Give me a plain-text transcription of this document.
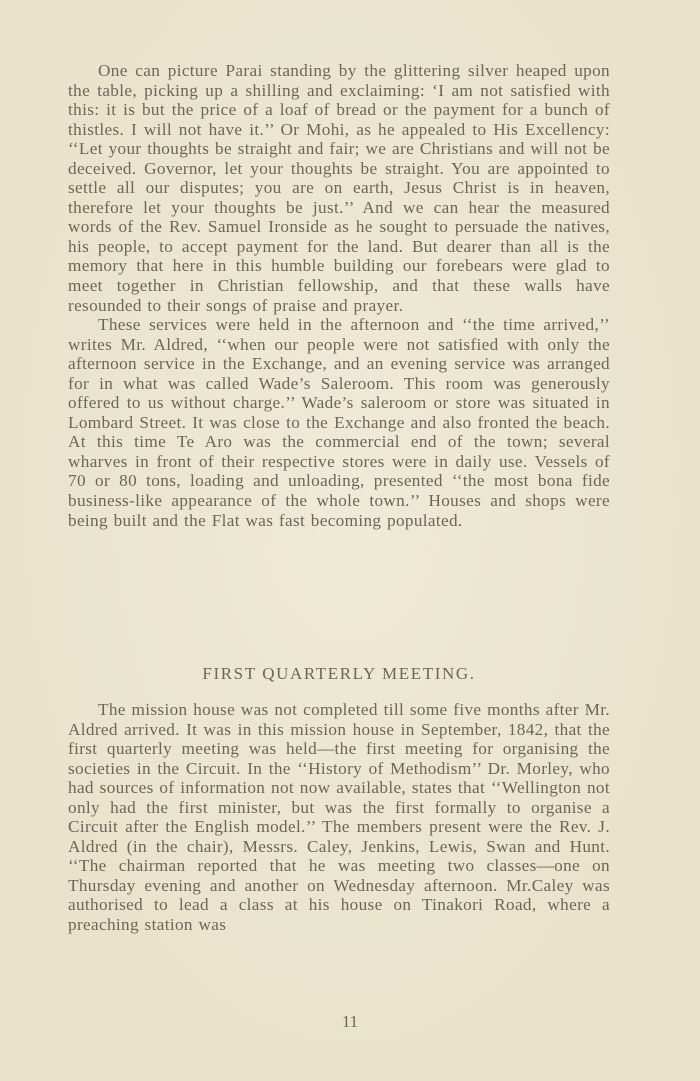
One can picture Parai standing by the glittering silver heaped upon the table, picking up a shilling and exclaiming: ‘I am not satisfied with this: it is but the price of a loaf of bread or the payment for a bunch of thistles. I will not have it.’’ Or Mohi, as he appealed to His Excellency: ‘‘Let your thoughts be straight and fair; we are Christians and will not be deceived. Governor, let your thoughts be straight. You are appointed to settle all our disputes; you are on earth, Jesus Christ is in heaven, therefore let your thoughts be just.’’ And we can hear the measured words of the Rev. Samuel Ironside as he sought to persuade the natives, his people, to accept payment for the land. But dearer than all is the memory that here in this humble building our forebears were glad to meet together in Christian fellowship, and that these walls have resounded to their songs of praise and prayer.

These services were held in the afternoon and ‘‘the time arrived,’’ writes Mr. Aldred, ‘‘when our people were not satisfied with only the afternoon service in the Exchange, and an evening service was arranged for in what was called Wade’s Saleroom. This room was generously offered to us without charge.’’ Wade’s saleroom or store was situated in Lombard Street. It was close to the Exchange and also fronted the beach. At this time Te Aro was the commercial end of the town; several wharves in front of their respective stores were in daily use. Vessels of 70 or 80 tons, loading and unloading, presented ‘‘the most bona fide business-like appearance of the whole town.’’ Houses and shops were being built and the Flat was fast becoming populated.

FIRST QUARTERLY MEETING.

The mission house was not completed till some five months after Mr. Aldred arrived. It was in this mission house in September, 1842, that the first quarterly meeting was held—the first meeting for organising the societies in the Circuit. In the ‘‘History of Methodism’’ Dr. Morley, who had sources of information not now available, states that ‘‘Wellington not only had the first minister, but was the first formally to organise a Circuit after the English model.’’ The members present were the Rev. J. Aldred (in the chair), Messrs. Caley, Jenkins, Lewis, Swan and Hunt. ‘‘The chairman reported that he was meeting two classes—one on Thursday evening and another on Wednesday afternoon. Mr.Caley was authorised to lead a class at his house on Tinakori Road, where a preaching station was

11
